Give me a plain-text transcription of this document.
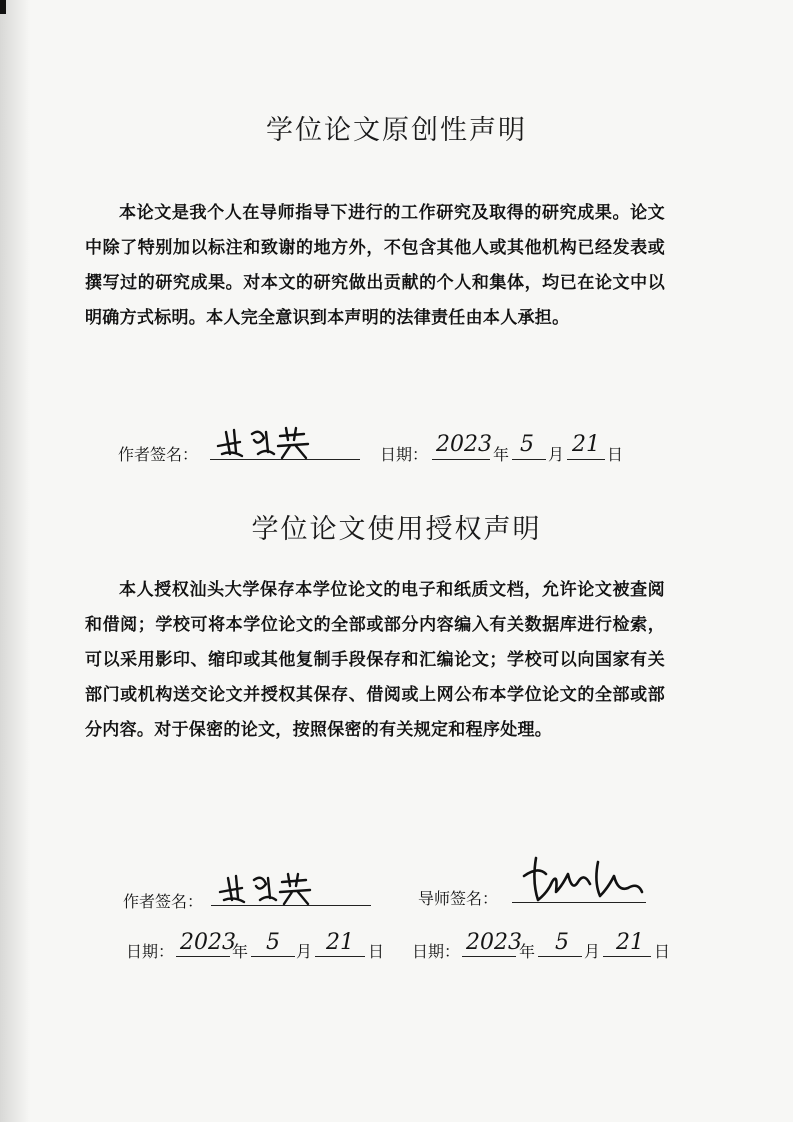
学位论文原创性声明

本论文是我个人在导师指导下进行的工作研究及取得的研究成果。论文中除了特别加以标注和致谢的地方外，不包含其他人或其他机构已经发表或撰写过的研究成果。对本文的研究做出贡献的个人和集体，均已在论文中以明确方式标明。本人完全意识到本声明的法律责任由本人承担。

作者签名：	日期： 2023 年 5 月 21 日
学位论文使用授权声明

本人授权汕头大学保存本学位论文的电子和纸质文档，允许论文被查阅和借阅；学校可将本学位论文的全部或部分内容编入有关数据库进行检索，可以采用影印、缩印或其他复制手段保存和汇编论文；学校可以向国家有关部门或机构送交论文并授权其保存、借阅或上网公布本学位论文的全部或部分内容。对于保密的论文，按照保密的有关规定和程序处理。

作者签名：	导师签名：
日期： 2023
年 5 月 21 日 日期： 2023
年 5 月 21 日
